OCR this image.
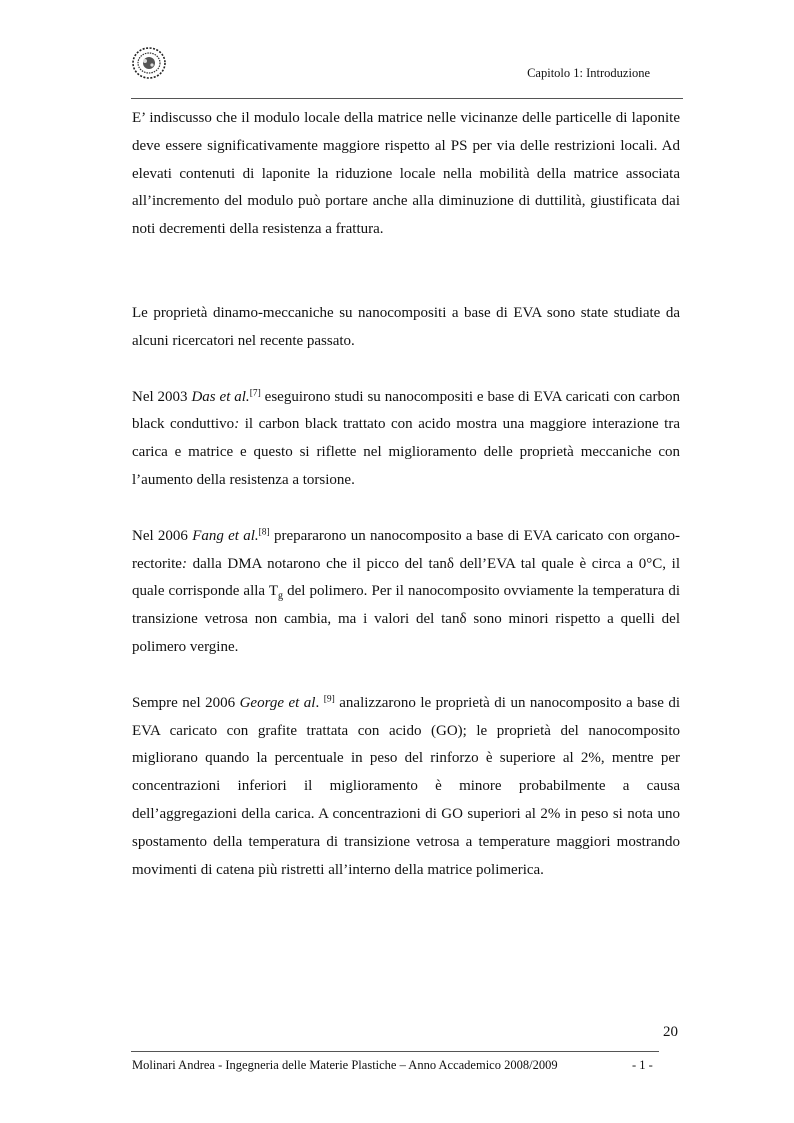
Capitolo 1: Introduzione

E’ indiscusso che il modulo locale della matrice nelle vicinanze delle particelle di laponite deve essere significativamente maggiore rispetto al PS per via delle restrizioni locali. Ad elevati contenuti di laponite la riduzione locale nella mobilità della matrice associata all’incremento del modulo può portare anche alla diminuzione di duttilità, giustificata dai noti decrementi della resistenza a frattura.

Le proprietà dinamo-meccaniche su nanocompositi a base di EVA sono state studiate da alcuni ricercatori nel recente passato.

Nel 2003 Das et al.[7] eseguirono studi su nanocompositi e base di EVA caricati con carbon black conduttivo: il carbon black trattato con acido mostra una maggiore interazione tra carica e matrice e questo si riflette nel miglioramento delle proprietà meccaniche con l’aumento della resistenza a torsione.

Nel 2006 Fang et al.[8] prepararono un nanocomposito a base di EVA caricato con organo-rectorite: dalla DMA notarono che il picco del tanδ dell’EVA tal quale è circa a 0°C, il quale corrisponde alla $T_g$ del polimero. Per il nanocomposito ovviamente la temperatura di transizione vetrosa non cambia, ma i valori del tanδ sono minori rispetto a quelli del polimero vergine.

Sempre nel 2006 George et al. [9] analizzarono le proprietà di un nanocomposito a base di EVA caricato con grafite trattata con acido (GO); le proprietà del nanocomposito migliorano quando la percentuale in peso del rinforzo è superiore al 2%, mentre per concentrazioni inferiori il miglioramento è minore probabilmente a causa dell’aggregazioni della carica. A concentrazioni di GO superiori al 2% in peso si nota uno spostamento della temperatura di transizione vetrosa a temperature maggiori mostrando movimenti di catena più ristretti all’interno della matrice polimerica.

20
Molinari Andrea - Ingegneria delle Materie Plastiche – Anno Accademico 2008/2009	- 1 -
